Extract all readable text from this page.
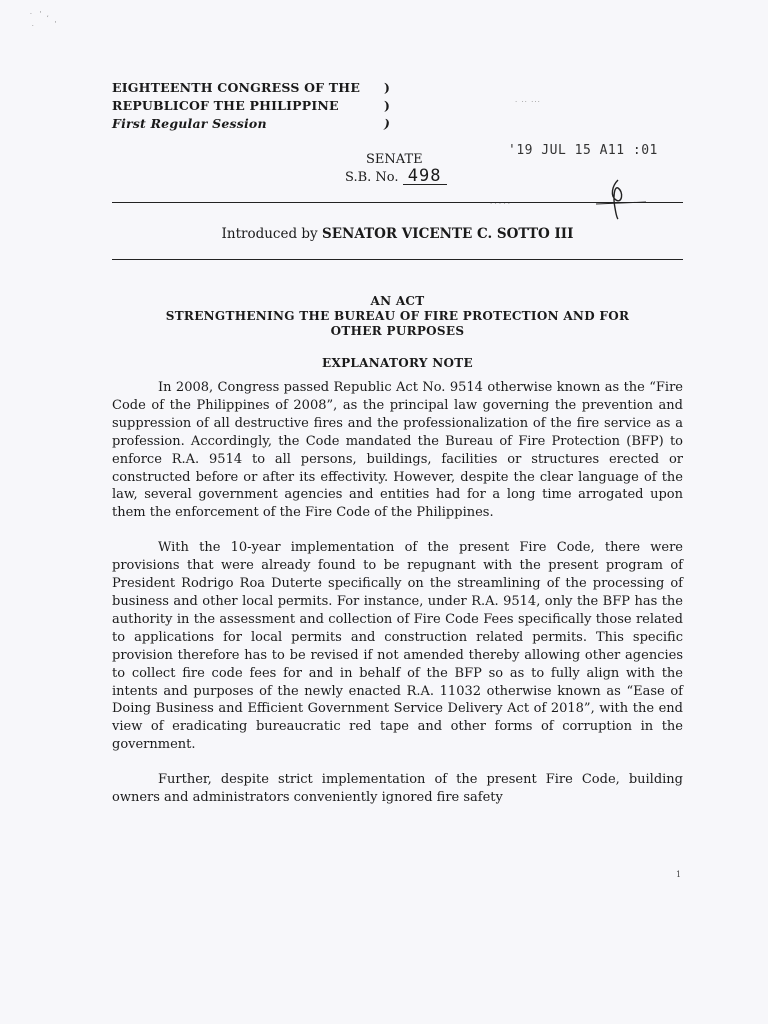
·    '   ,
.           '
EIGHTEENTH CONGRESS OF THE )
REPUBLICOF THE PHILIPPINE	)
First Regular Session	)
· ·· ···
'19 JUL 15 A11 :01
SENATE
S.B. No. 498
· · · · ·
Introduced by SENATOR VICENTE C. SOTTO III
AN ACT
STRENGTHENING THE BUREAU OF FIRE PROTECTION AND FOR
OTHER PURPOSES
EXPLANATORY NOTE

In 2008, Congress passed Republic Act No. 9514 otherwise known as the “Fire Code of the Philippines of 2008”, as the principal law governing the prevention and suppression of all destructive fires and the professionalization of the fire service as a profession. Accordingly, the Code mandated the Bureau of Fire Protection (BFP) to enforce R.A. 9514 to all persons, buildings, facilities or structures erected or constructed before or after its effectivity. However, despite the clear language of the law, several government agencies and entities had for a long time arrogated upon them the enforcement of the Fire Code of the Philippines.

With the 10-year implementation of the present Fire Code, there were provisions that were already found to be repugnant with the present program of President Rodrigo Roa Duterte specifically on the streamlining of the processing of business and other local permits. For instance, under R.A. 9514, only the BFP has the authority in the assessment and collection of Fire Code Fees specifically those related to applications for local permits and construction related permits. This specific provision therefore has to be revised if not amended thereby allowing other agencies to collect fire code fees for and in behalf of the BFP so as to fully align with the intents and purposes of the newly enacted R.A. 11032 otherwise known as “Ease of Doing Business and Efficient Government Service Delivery Act of 2018”, with the end view of eradicating bureaucratic red tape and other forms of corruption in the government.

Further, despite strict implementation of the present Fire Code, building owners and administrators conveniently ignored fire safety

1
